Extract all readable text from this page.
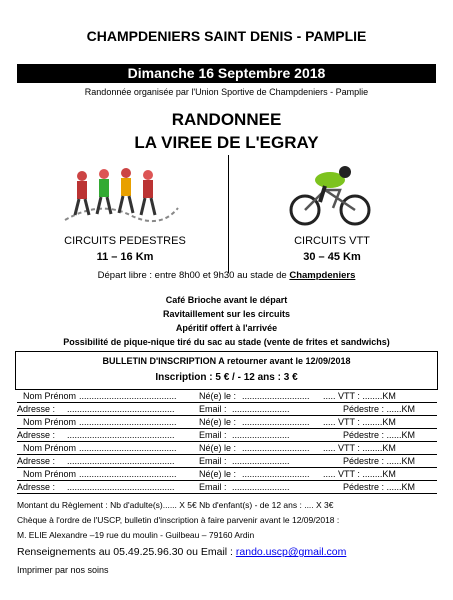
CHAMPDENIERS SAINT DENIS - PAMPLIE
Dimanche 16 Septembre 2018
Randonnée organisée par l'Union Sportive de Champdeniers - Pamplie
RANDONNEE
LA VIREE DE L'EGRAY
CIRCUITS PEDESTRES
11 – 16 Km
CIRCUITS VTT
30 – 45 Km
Départ libre : entre 8h00 et 9h30 au stade de Champdeniers
Café Brioche avant le départ
Ravitaillement sur les circuits
Apéritif offert à l'arrivée
Possibilité de pique-nique tiré du sac au stade (vente de frites et sandwichs)
BULLETIN D'INSCRIPTION A retourner avant le 12/09/2018
Inscription : 5 € / - 12 ans : 3 €
Nom Prénom ....................................... Né(e) le : ........................... ..... VTT : ........KM
Adresse : ...........................................	Email : .......................	Pédestre : ......KM
Nom Prénom ....................................... Né(e) le : ........................... ..... VTT : ........KM
Adresse : ...........................................	Email : .......................	Pédestre : ......KM
Nom Prénom ....................................... Né(e) le : ........................... ..... VTT : ........KM
Adresse : ...........................................	Email : .......................	Pédestre : ......KM
Nom Prénom ....................................... Né(e) le : ........................... ..... VTT : ........KM
Adresse : ...........................................	Email : .......................	Pédestre : ......KM
Montant du Règlement : Nb d'adulte(s)...... X 5€ Nb d'enfant(s) - de 12 ans : .... X 3€
Chèque à l'ordre de l'USCP, bulletin d'inscription à faire parvenir avant le 12/09/2018 :
M. ELIE Alexandre –19 rue du moulin - Guilbeau – 79160 Ardin
Renseignements au 05.49.25.96.30 ou Email : rando.uscp@gmail.com
Imprimer par nos soins
